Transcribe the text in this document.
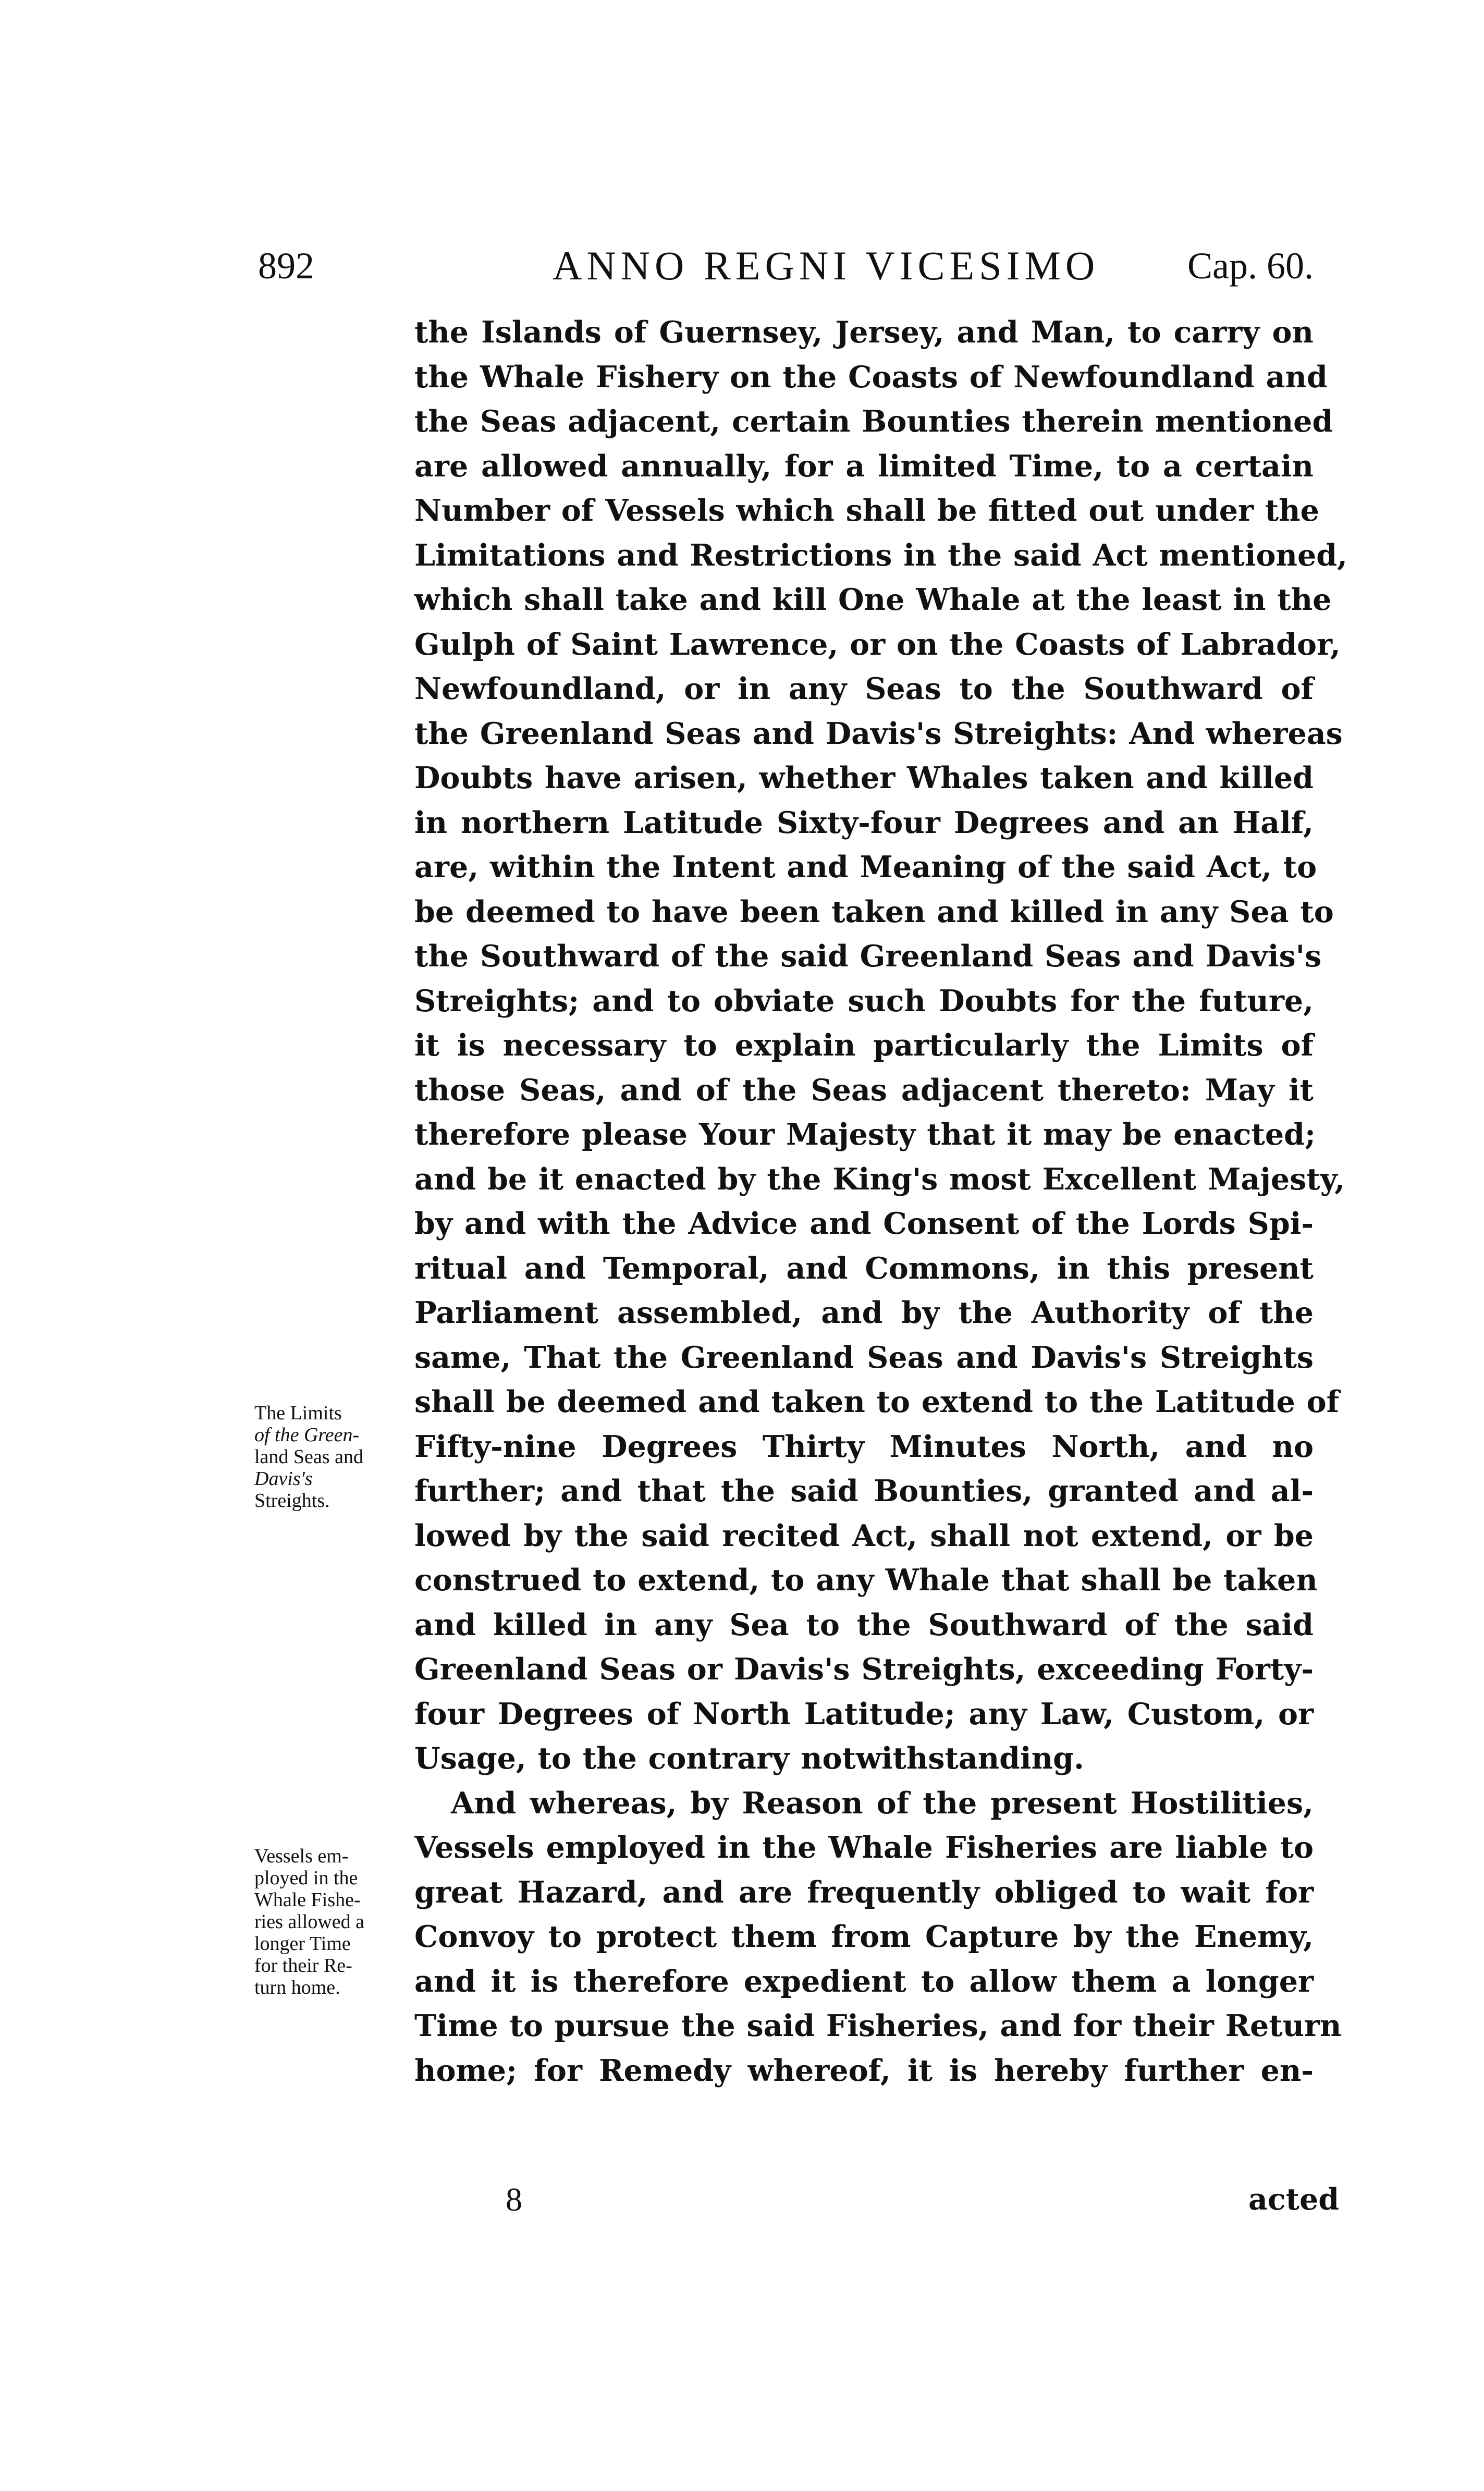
892	ANNO REGNI VICESIMO Cap. 60.
the Islands of Guernsey, Jersey, and Man, to carry on
the Whale Fishery on the Coasts of Newfoundland and
the Seas adjacent, certain Bounties therein mentioned
are allowed annually, for a limited Time, to a certain
Number of Vessels which shall be fitted out under the
Limitations and Restrictions in the said Act mentioned,
which shall take and kill One Whale at the least in the
Gulph of Saint Lawrence, or on the Coasts of Labrador,
Newfoundland, or in any Seas to the Southward of
the Greenland Seas and Davis's Streights: And whereas
Doubts have arisen, whether Whales taken and killed
in northern Latitude Sixty-four Degrees and an Half,
are, within the Intent and Meaning of the said Act, to
be deemed to have been taken and killed in any Sea to
the Southward of the said Greenland Seas and Davis's
Streights; and to obviate such Doubts for the future,
it is necessary to explain particularly the Limits of
those Seas, and of the Seas adjacent thereto: May it
therefore please Your Majesty that it may be enacted;
and be it enacted by the King's most Excellent Majesty,
by and with the Advice and Consent of the Lords Spi-
ritual and Temporal, and Commons, in this present
Parliament assembled, and by the Authority of the
same, That the Greenland Seas and Davis's Streights
shall be deemed and taken to extend to the Latitude of
Fifty-nine Degrees Thirty Minutes North, and no
further; and that the said Bounties, granted and al-
lowed by the said recited Act, shall not extend, or be
construed to extend, to any Whale that shall be taken
and killed in any Sea to the Southward of the said
Greenland Seas or Davis's Streights, exceeding Forty-
four Degrees of North Latitude; any Law, Custom, or
Usage, to the contrary notwithstanding.
And whereas, by Reason of the present Hostilities,
Vessels employed in the Whale Fisheries are liable to
great Hazard, and are frequently obliged to wait for
Convoy to protect them from Capture by the Enemy,
and it is therefore expedient to allow them a longer
Time to pursue the said Fisheries, and for their Return
home; for Remedy whereof, it is hereby further en-
The Limits
of the Green-
land Seas and
Davis's
Streights.
Vessels em-
ployed in the
Whale Fishe-
ries allowed a
longer Time
for their Re-
turn home.
8	acted
